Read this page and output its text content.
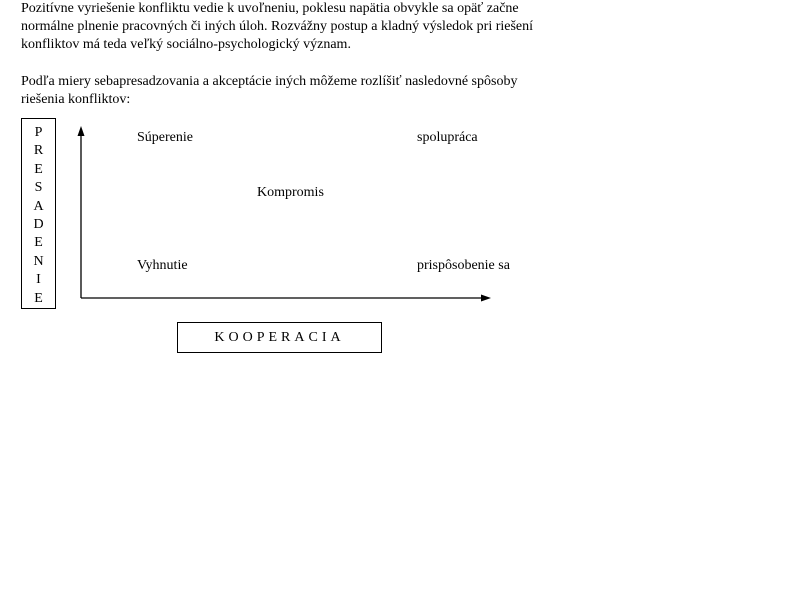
Pozitívne vyriešenie konfliktu vedie k uvoľneniu, poklesu napätia obvykle sa opäť začne
normálne plnenie pracovných či iných úloh. Rozvážny postup a kladný výsledok pri riešení
konfliktov má teda veľký sociálno-psychologický význam.
Podľa miery sebapresadzovania a akceptácie iných môžeme rozlíšiť nasledovné spôsoby
riešenia konfliktov:
P
R
E
S
A
D
E
N
I
E
Súperenie	spolupráca
Kompromis
Vyhnutie	prispôsobenie sa
KOOPERACIA
